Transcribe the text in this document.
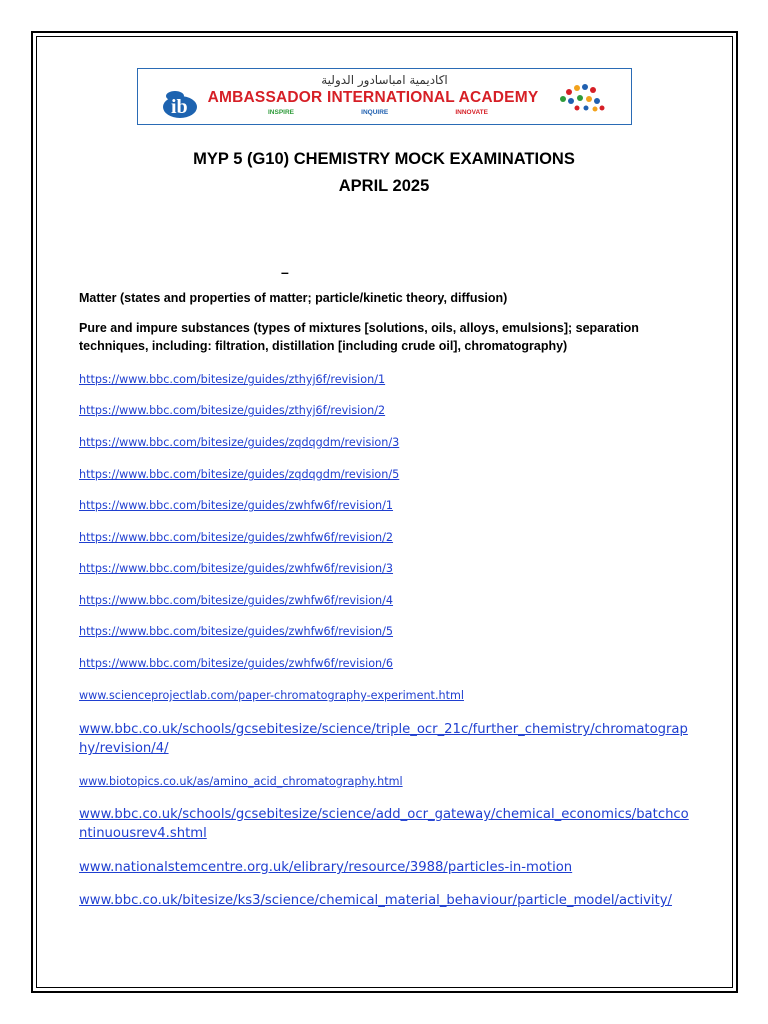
ib
اكاديمية امباسادور الدولية
AMBASSADOR INTERNATIONAL ACADEMY
INSPIRE	INQUIRE	INNOVATE
MYP 5 (G10) CHEMISTRY MOCK EXAMINATIONS
APRIL 2025
–
Matter (states and properties of matter; particle/kinetic theory, diffusion)
Pure and impure substances (types of mixtures [solutions, oils, alloys, emulsions]; separation techniques, including: filtration, distillation [including crude oil], chromatography)
https://www.bbc.com/bitesize/guides/zthyj6f/revision/1
https://www.bbc.com/bitesize/guides/zthyj6f/revision/2
https://www.bbc.com/bitesize/guides/zqdqgdm/revision/3
https://www.bbc.com/bitesize/guides/zqdqgdm/revision/5
https://www.bbc.com/bitesize/guides/zwhfw6f/revision/1
https://www.bbc.com/bitesize/guides/zwhfw6f/revision/2
https://www.bbc.com/bitesize/guides/zwhfw6f/revision/3
https://www.bbc.com/bitesize/guides/zwhfw6f/revision/4
https://www.bbc.com/bitesize/guides/zwhfw6f/revision/5
https://www.bbc.com/bitesize/guides/zwhfw6f/revision/6
www.scienceprojectlab.com/paper-chromatography-experiment.html
www.bbc.co.uk/schools/gcsebitesize/science/triple_ocr_21c/further_chemistry/chromatography/revision/4/
www.biotopics.co.uk/as/amino_acid_chromatography.html
www.bbc.co.uk/schools/gcsebitesize/science/add_ocr_gateway/chemical_economics/batchcontinuousrev4.shtml
www.nationalstemcentre.org.uk/elibrary/resource/3988/particles-in-motion
www.bbc.co.uk/bitesize/ks3/science/chemical_material_behaviour/particle_model/activity/
